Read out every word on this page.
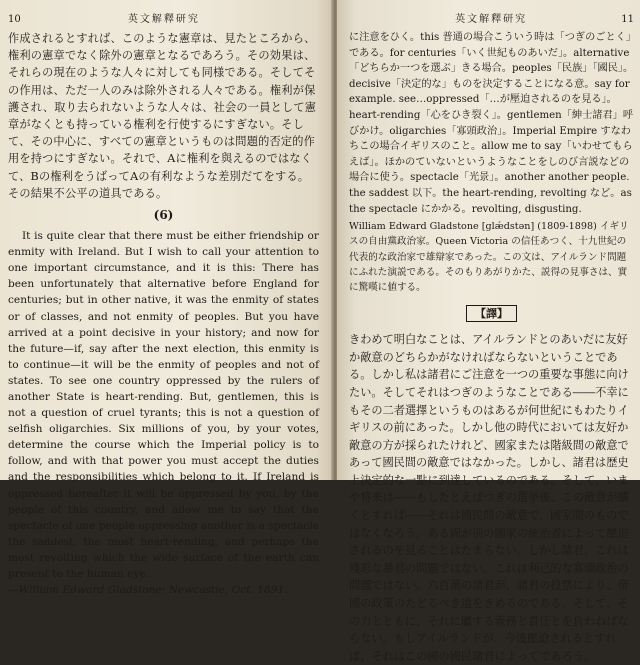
10	英文解釋研究

作成されるとすれば、このような憲章は、見たところから、権利の憲章でなく除外の憲章となるであろう。その効果は、それらの現在のような人々に対しても同様である。そしてその作用は、ただ一人のみは除外される人々である。権利が保護され、取り去られないような人々は、社会の一員として憲章がなくとも持っている権利を行使するにすぎない。そして、その中心に、すべての憲章というものは問題的否定的作用を持つにすぎない。それで、Aに権利を與えるのではなくて、Bの権利をうばってAの有利なような差別だてをする。その結果不公平の道具である。

(6)

It is quite clear that there must be either friendship or enmity with Ireland. But I wish to call your attention to one important circumstance, and it is this: There has been unfortunately that alternative before England for centuries; but in other native, it was the enmity of states or of classes, and not enmity of peoples. But you have arrived at a point decisive in your history; and now for the future—if, say after the next election, this enmity is to continue—it will be the enmity of peoples and not of states. To see one country oppressed by the rulers of another State is heart-rending. But, gentlemen, this is not a question of cruel tyrants; this is not a question of selfish oligarchies. Six millions of you, by your votes, determine the course which the Imperial policy is to follow, and with that power you must accept the duties and the responsibilities which belong to it. If Ireland is oppressed hereafter it will be oppressed by you, by the people of this country, and allow me to say that the spectacle of one people oppressing another is a spectacle the saddest, the most heart-rending, and perhaps the most revolting which the wide surface of the earth can present to the human eye.

—William Edward Gladstone: Newcastle, Oct. 1891.

英文解釋研究	11

に注意をひく。this 普通の場合こういう時は「つぎのごとく」である。for centuries「いく世紀ものあいだ」。alternative 「どちらか一つを選ぶ」きる場合。peoples「民族」「國民」。decisive「決定的な」ものを決定することになる意。say for example. see…oppressed「…が壓迫されるのを見る」。heart-rending「心をひき裂く」。gentlemen「紳士諸君」呼びかけ。oligarchies「寡頭政治」。Imperial Empire すなわちこの場合イギリスのこと。allow me to say「いわせてもらえば」。ほかのていないというようなことをしのび言説などの場合に使う。spectacle「光景」。another another people. the saddest 以下。the heart-rending, revolting など。as the spectacle にかかる。revolting, disgusting.

William Edward Gladstone [glǽdstən] (1809-1898) イギリスの自由黨政治家。Queen Victoria の信任あつく、十九世紀の代表的な政治家で雄辯家であった。この文は、アイルランド問題にふれた演説である。そのもりあがりかた、説得の見事さは、實に驚嘆に値する。

【譯】

きわめて明白なことは、アイルランドとのあいだに友好か敵意のどちらかがなければならないということである。しかし私は諸君にご注意を一つの重要な事態に向けたい。そしてそれはつぎのようなことである――不幸にもその二者選擇というものはあるが何世紀にもわたりイギリスの前にあった。しかし他の時代においては友好か敵意の方が採られたけれど、國家または階級間の敵意であって國民間の敵意ではなかった。しかし、諸君は歴史上決定的な一點に到達しているのである。そして、いまや将来は――もしたとえばつぎの選挙後、この敵意が續くとすれば――それは國民間の敵意で、國家間のものではなくなろう。ある國が別の國家の統治者によって壓迫されるのを見ることはたまらない。しかし諸君、これは殘忍な暴君の問題ではない。これは利己的な寡頭政治の問題ではない。六百萬の諸君が、諸君の投票により、帝國の政策のたどるべき道をきめるのである。そして、その力とともに、それに屬する義務と責任とを負わねばならない。もしアイルランドが、今後壓迫されるとすれば、それはこの國の國民諸君によってであろう。
